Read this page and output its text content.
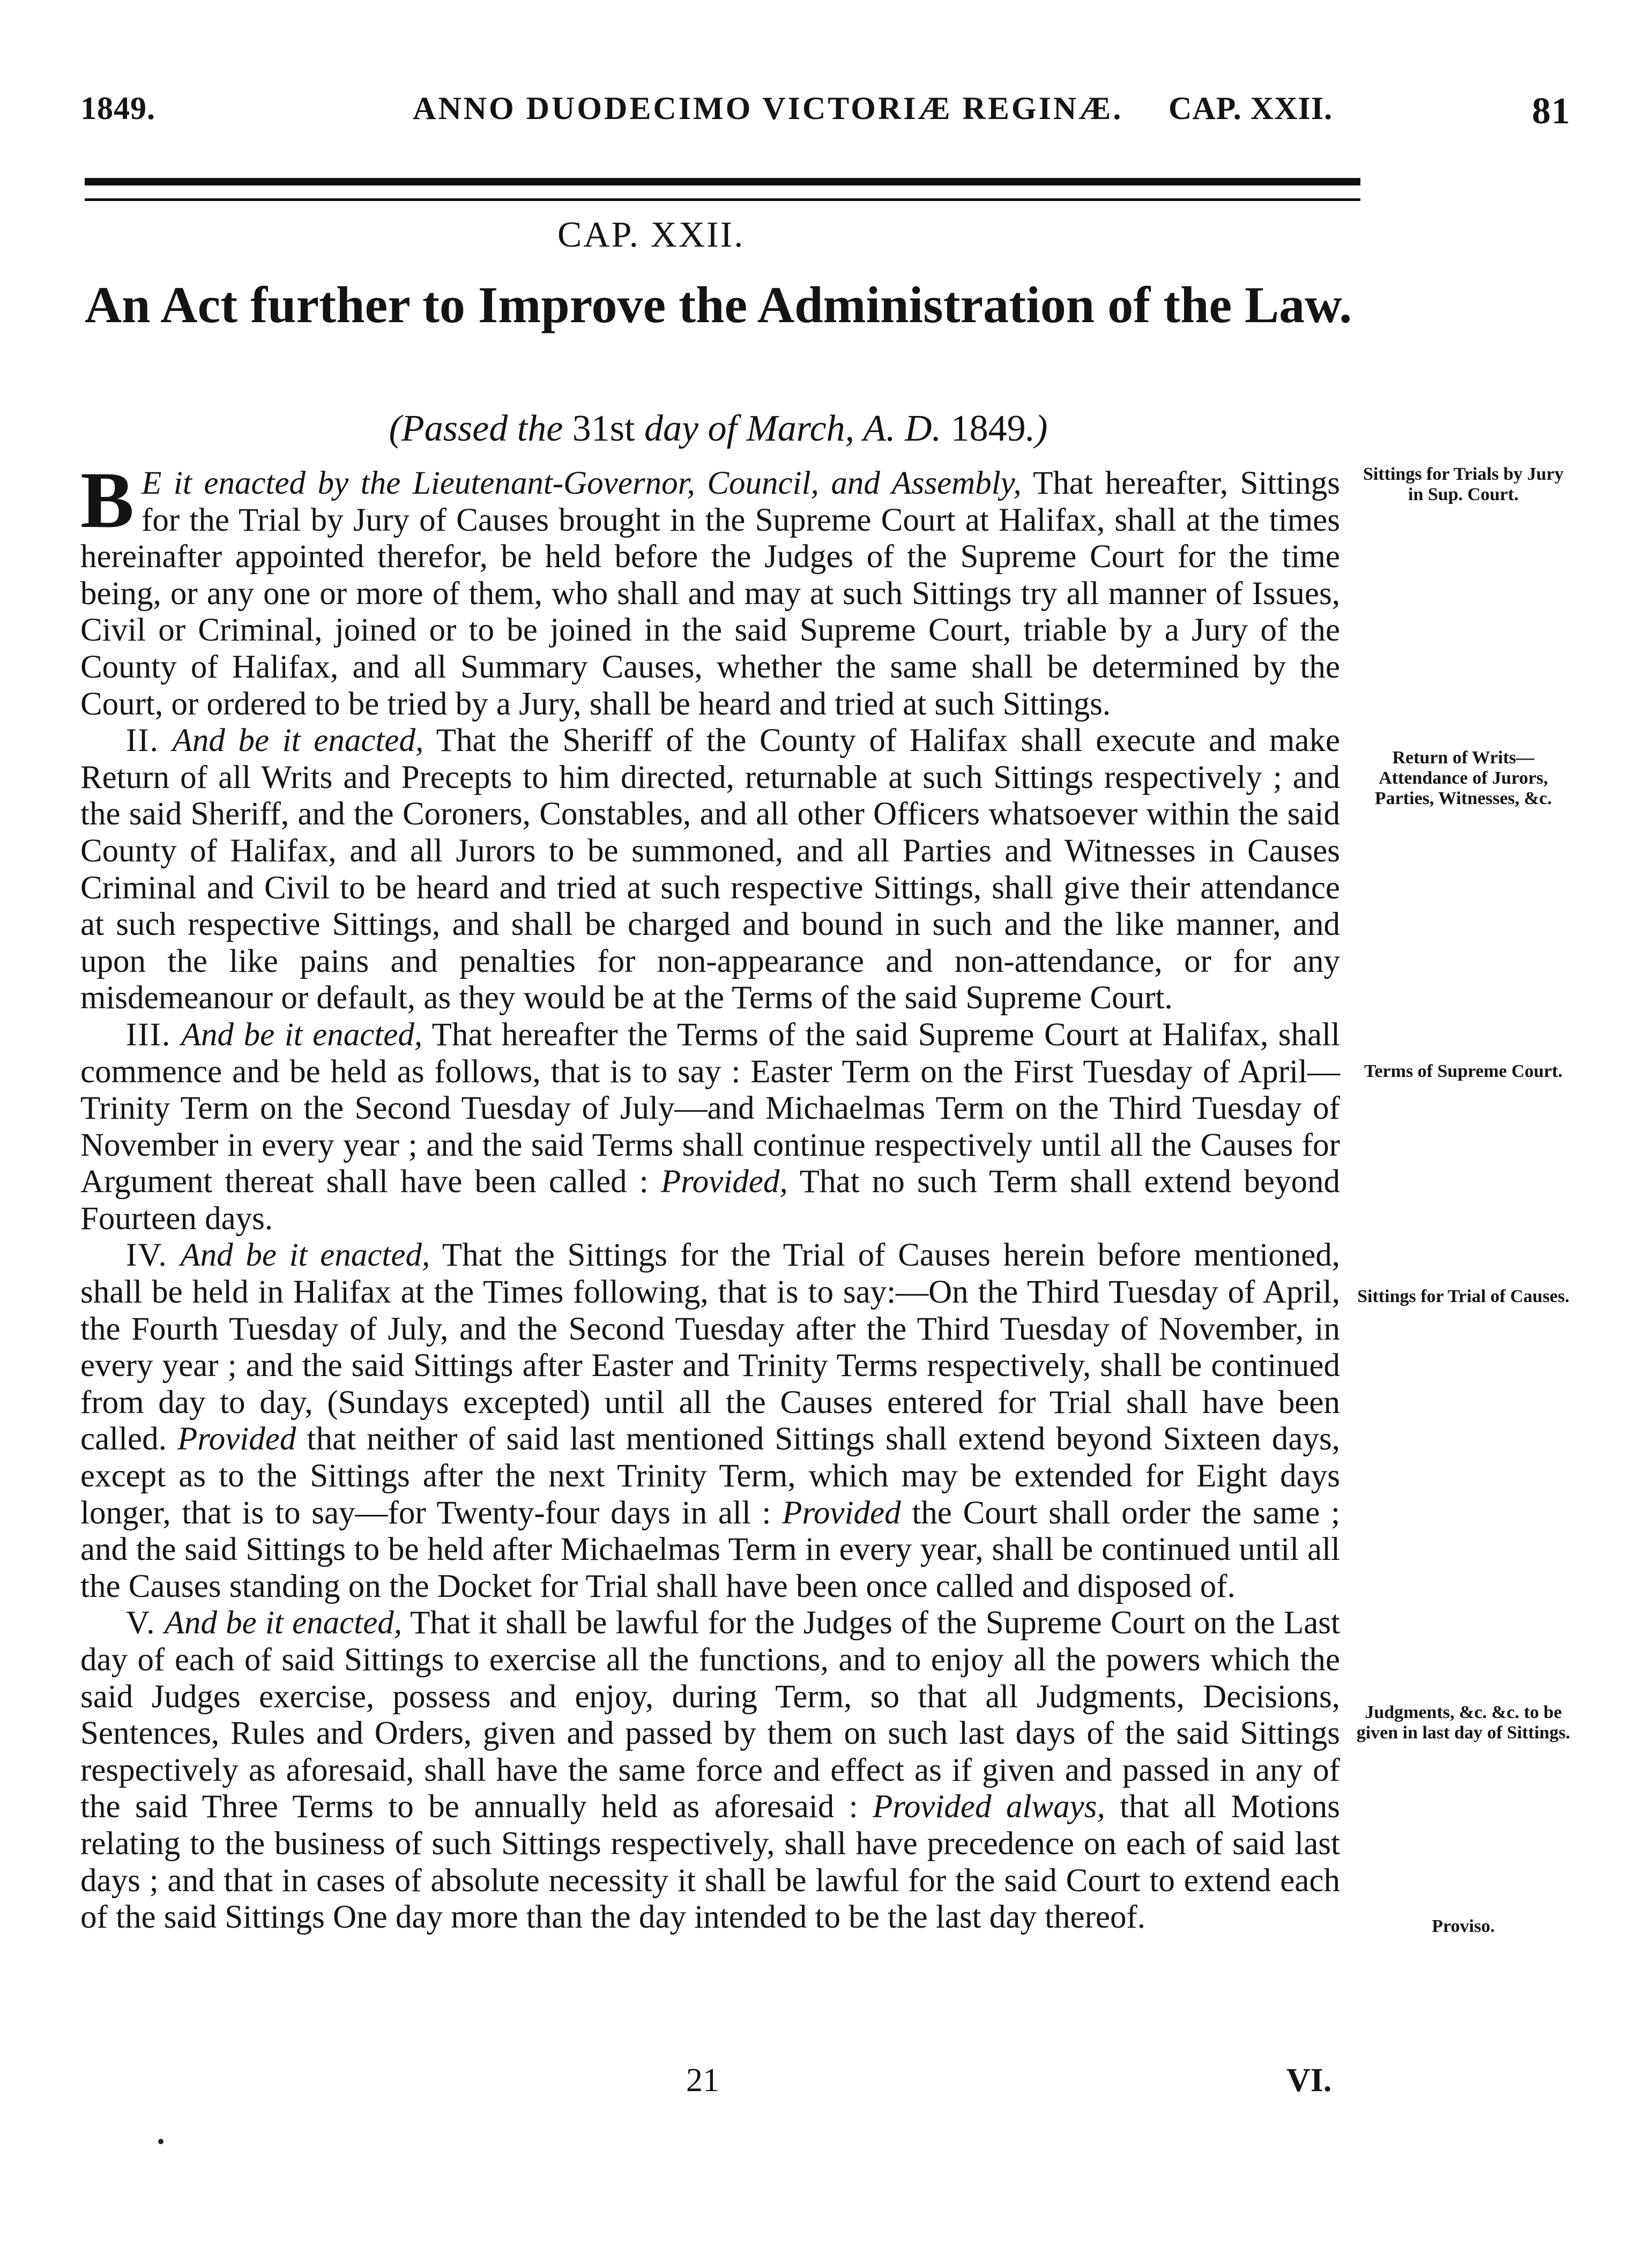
1849.	ANNO DUODECIMO VICTORIÆ REGINÆ. CAP. XXII.	81
CAP. XXII.
An Act further to Improve the Administration of the Law.
(Passed the 31st day of March, A. D. 1849.)

B E it enacted by the Lieutenant-Governor, Council, and Assembly, That hereafter, Sittings for the Trial by Jury of Causes brought in the Supreme Court at Halifax, shall at the times hereinafter appointed therefor, be held before the Judges of the Supreme Court for the time being, or any one or more of them, who shall and may at such Sittings try all manner of Issues, Civil or Criminal, joined or to be joined in the said Supreme Court, triable by a Jury of the County of Halifax, and all Summary Causes, whether the same shall be determined by the Court, or ordered to be tried by a Jury, shall be heard and tried at such Sittings.

II. And be it enacted, That the Sheriff of the County of Halifax shall execute and make Return of all Writs and Precepts to him directed, returnable at such Sittings respectively ; and the said Sheriff, and the Coroners, Constables, and all other Officers whatsoever within the said County of Halifax, and all Jurors to be summoned, and all Parties and Witnesses in Causes Criminal and Civil to be heard and tried at such respective Sittings, shall give their attendance at such respective Sittings, and shall be charged and bound in such and the like manner, and upon the like pains and penalties for non-appearance and non-attendance, or for any misdemeanour or default, as they would be at the Terms of the said Supreme Court.

III. And be it enacted, That hereafter the Terms of the said Supreme Court at Halifax, shall commence and be held as follows, that is to say : Easter Term on the First Tuesday of April—Trinity Term on the Second Tuesday of July—and Michaelmas Term on the Third Tuesday of November in every year ; and the said Terms shall continue respectively until all the Causes for Argument thereat shall have been called : Provided, That no such Term shall extend beyond Fourteen days.

IV. And be it enacted, That the Sittings for the Trial of Causes herein before mentioned, shall be held in Halifax at the Times following, that is to say:—On the Third Tuesday of April, the Fourth Tuesday of July, and the Second Tuesday after the Third Tuesday of November, in every year ; and the said Sittings after Easter and Trinity Terms respectively, shall be continued from day to day, (Sundays excepted) until all the Causes entered for Trial shall have been called. Provided that neither of said last mentioned Sittings shall extend beyond Sixteen days, except as to the Sittings after the next Trinity Term, which may be extended for Eight days longer, that is to say—for Twenty-four days in all : Provided the Court shall order the same ; and the said Sittings to be held after Michaelmas Term in every year, shall be continued until all the Causes standing on the Docket for Trial shall have been once called and disposed of.

V. And be it enacted, That it shall be lawful for the Judges of the Supreme Court on the Last day of each of said Sittings to exercise all the functions, and to enjoy all the powers which the said Judges exercise, possess and enjoy, during Term, so that all Judgments, Decisions, Sentences, Rules and Orders, given and passed by them on such last days of the said Sittings respectively as aforesaid, shall have the same force and effect as if given and passed in any of the said Three Terms to be annually held as aforesaid : Provided always, that all Motions relating to the business of such Sittings respectively, shall have precedence on each of said last days ; and that in cases of absolute necessity it shall be lawful for the said Court to extend each of the said Sittings One day more than the day intended to be the last day thereof.

Sittings for Trials by Jury in Sup. Court.
Return of Writs—Attendance of Jurors, Parties, Witnesses, &c.
Terms of Supreme Court.
Sittings for Trial of Causes.
Judgments, &c. &c. to be given in last day of Sittings.
Proviso.
21	VI.
